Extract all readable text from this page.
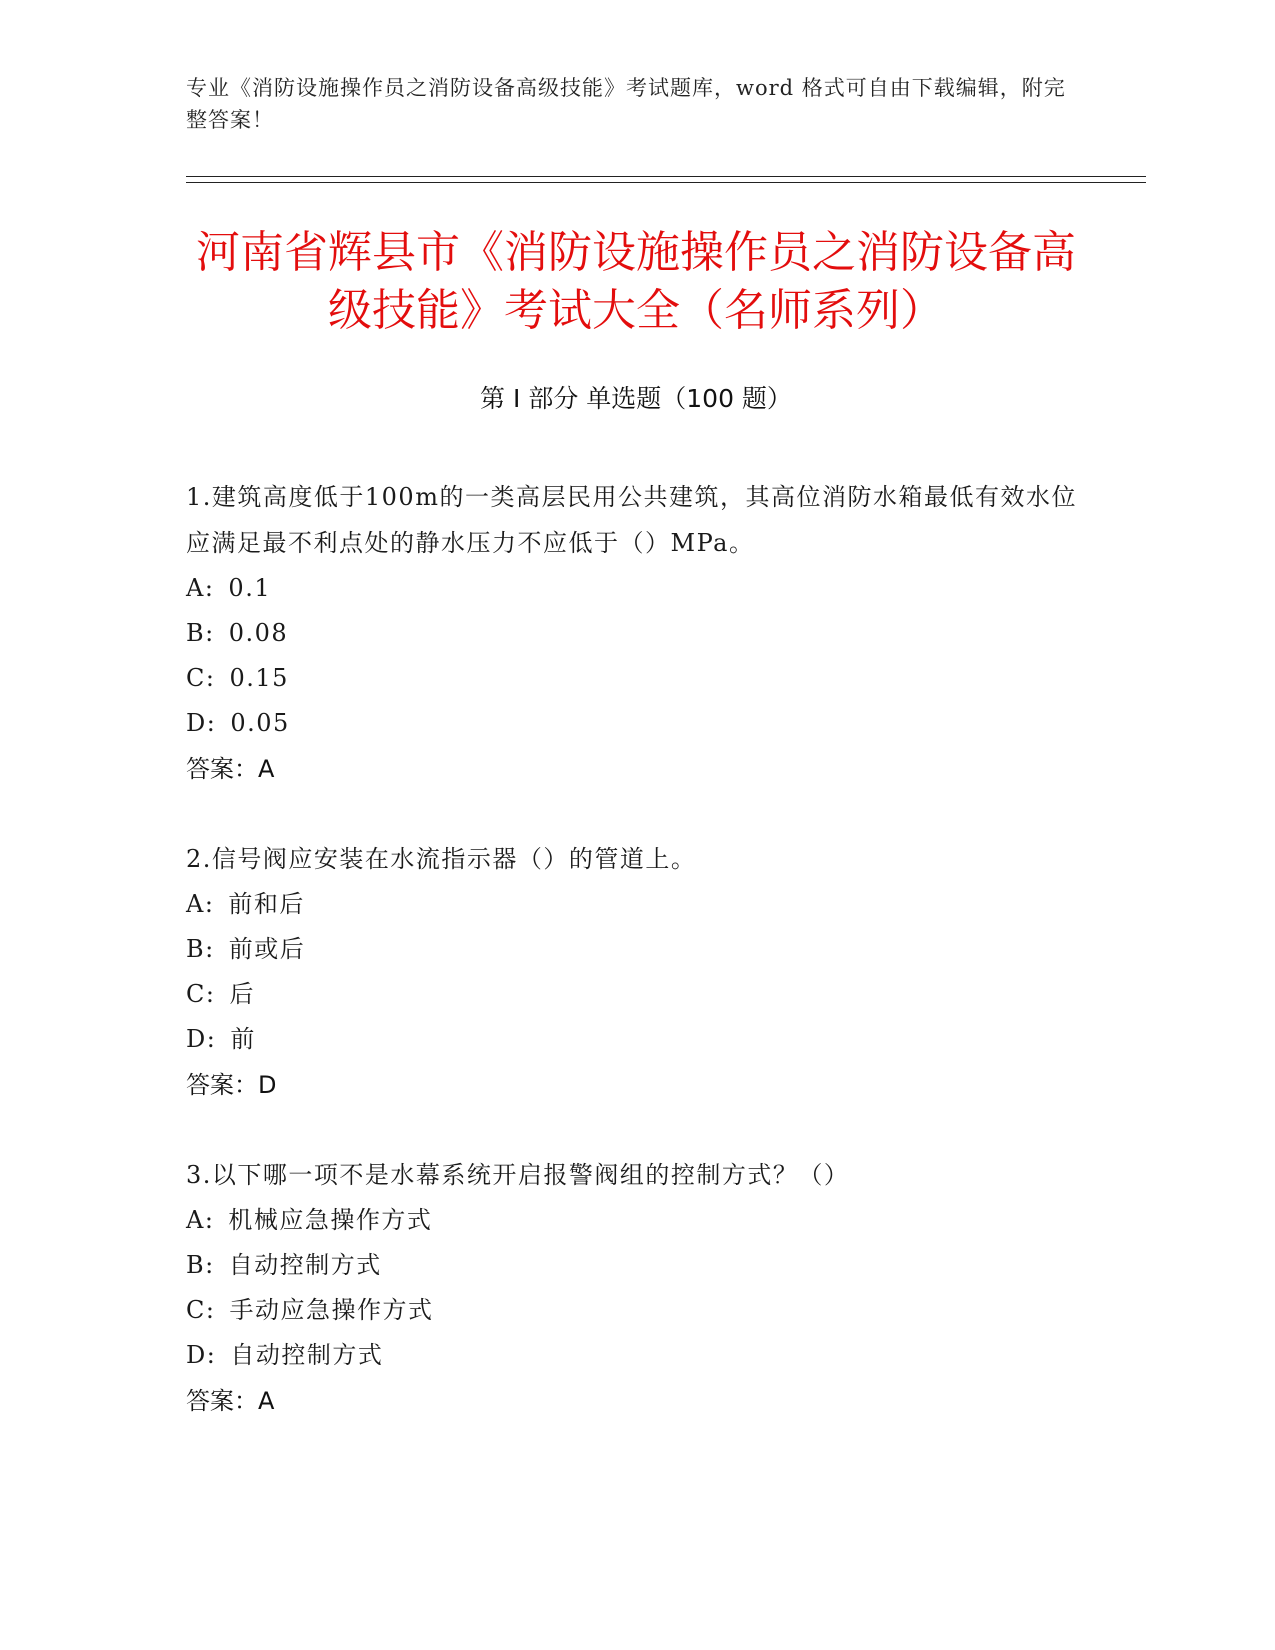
专业《消防设施操作员之消防设备高级技能》考试题库，word 格式可自由下载编辑，附完整答案！
河南省辉县市《消防设施操作员之消防设备高级技能》考试大全（名师系列）
第 I 部分 单选题（100 题）

1.建筑高度低于100m的一类高层民用公共建筑，其高位消防水箱最低有效水位应满足最不利点处的静水压力不应低于（）MPa。

A: 0.1
B: 0.08
C: 0.15
D: 0.05
答案：A

2.信号阀应安装在水流指示器（）的管道上。

A: 前和后
B: 前或后
C: 后
D: 前
答案：D

3.以下哪一项不是水幕系统开启报警阀组的控制方式？（）

A: 机械应急操作方式
B: 自动控制方式
C: 手动应急操作方式
D: 自动控制方式
答案：A
